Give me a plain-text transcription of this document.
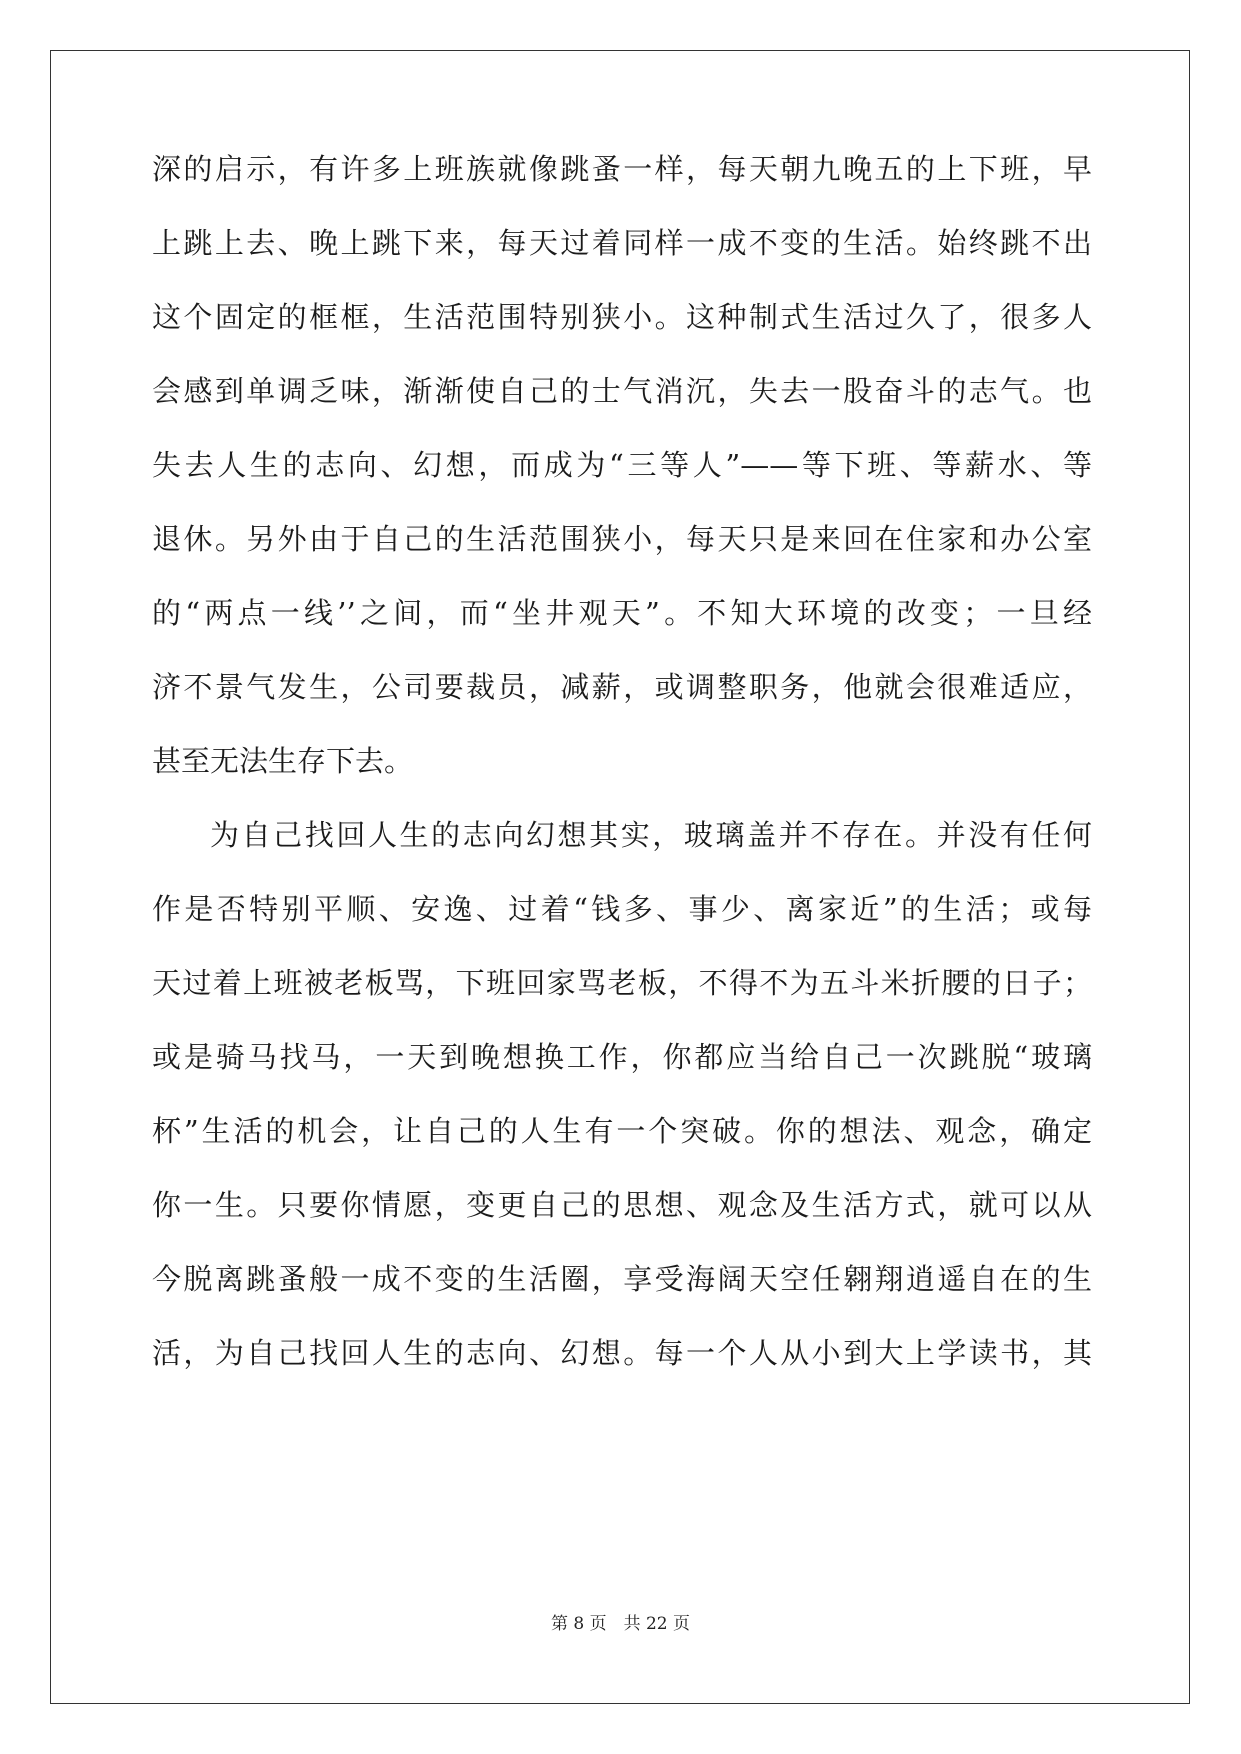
深的启示，有许多上班族就像跳蚤一样，每天朝九晚五的上下班，早
上跳上去、晚上跳下来，每天过着同样一成不变的生活。始终跳不出
这个固定的框框，生活范围特别狭小。这种制式生活过久了，很多人
会感到单调乏味，渐渐使自己的士气消沉，失去一股奋斗的志气。也
失去人生的志向、幻想，而成为“三等人”——等下班、等薪水、等
退休。另外由于自己的生活范围狭小，每天只是来回在住家和办公室
的“两点一线’’之间，而“坐井观天”。不知大环境的改变；一旦经
济不景气发生，公司要裁员，减薪，或调整职务，他就会很难适应，
甚至无法生存下去。
为自己找回人生的志向幻想其实，玻璃盖并不存在。并没有任何
作是否特别平顺、安逸、过着“钱多、事少、离家近”的生活；或每
天过着上班被老板骂，下班回家骂老板，不得不为五斗米折腰的日子；
或是骑马找马，一天到晚想换工作，你都应当给自己一次跳脱“玻璃
杯”生活的机会，让自己的人生有一个突破。你的想法、观念，确定
你一生。只要你情愿，变更自己的思想、观念及生活方式，就可以从
今脱离跳蚤般一成不变的生活圈，享受海阔天空任翱翔逍遥自在的生
活，为自己找回人生的志向、幻想。每一个人从小到大上学读书，其
第 8 页　共 22 页
